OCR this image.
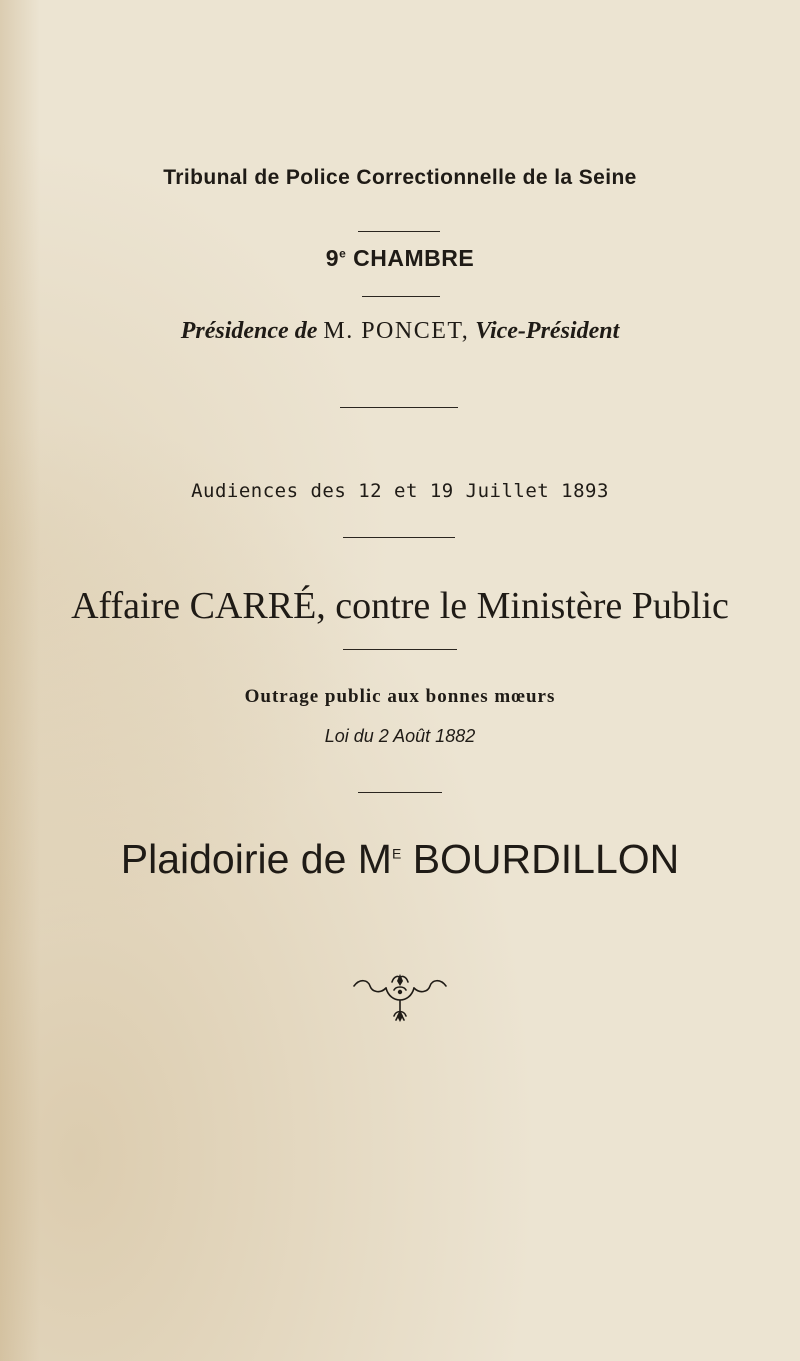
Tribunal de Police Correctionnelle de la Seine
9e CHAMBRE
Présidence de M. PONCET, Vice-Président
Audiences des 12 et 19 Juillet 1893
Affaire CARRÉ, contre le Ministère Public
Outrage public aux bonnes mœurs
Loi du 2 Août 1882
Plaidoirie de $M^E$ BOURDILLON
